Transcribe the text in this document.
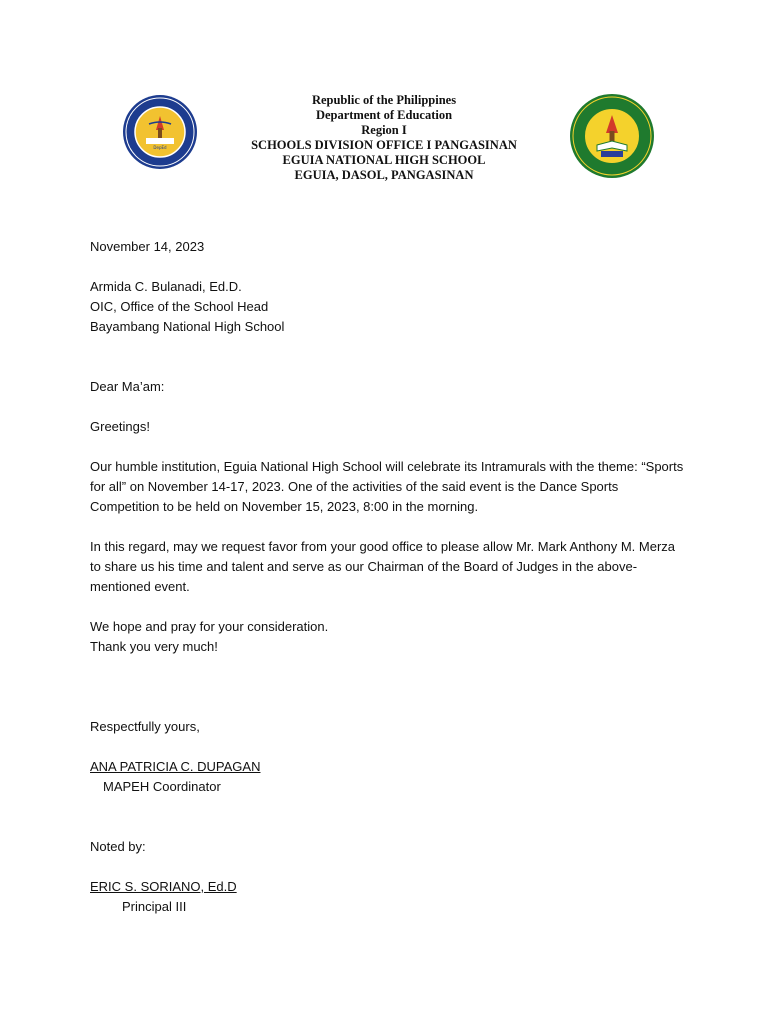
DepEd
Republic of the Philippines
Department of Education
Region I
SCHOOLS DIVISION OFFICE I PANGASINAN
EGUIA NATIONAL HIGH SCHOOL
EGUIA, DASOL, PANGASINAN
November 14, 2023
Armida C. Bulanadi, Ed.D.
OIC, Office of the School Head
Bayambang National High School
Dear Ma’am:
Greetings!
Our humble institution, Eguia National High School will celebrate its Intramurals with the theme: “Sports
for all” on November 14-17, 2023. One of the activities of the said event is the Dance Sports
Competition to be held on November 15, 2023, 8:00 in the morning.
In this regard, may we request favor from your good office to please allow Mr. Mark Anthony M. Merza
to share us his time and talent and serve as our Chairman of the Board of Judges in the above-
mentioned event.
We hope and pray for your consideration.
Thank you very much!
Respectfully yours,
ANA PATRICIA C. DUPAGAN
MAPEH Coordinator
Noted by:
ERIC S. SORIANO, Ed.D
Principal III
